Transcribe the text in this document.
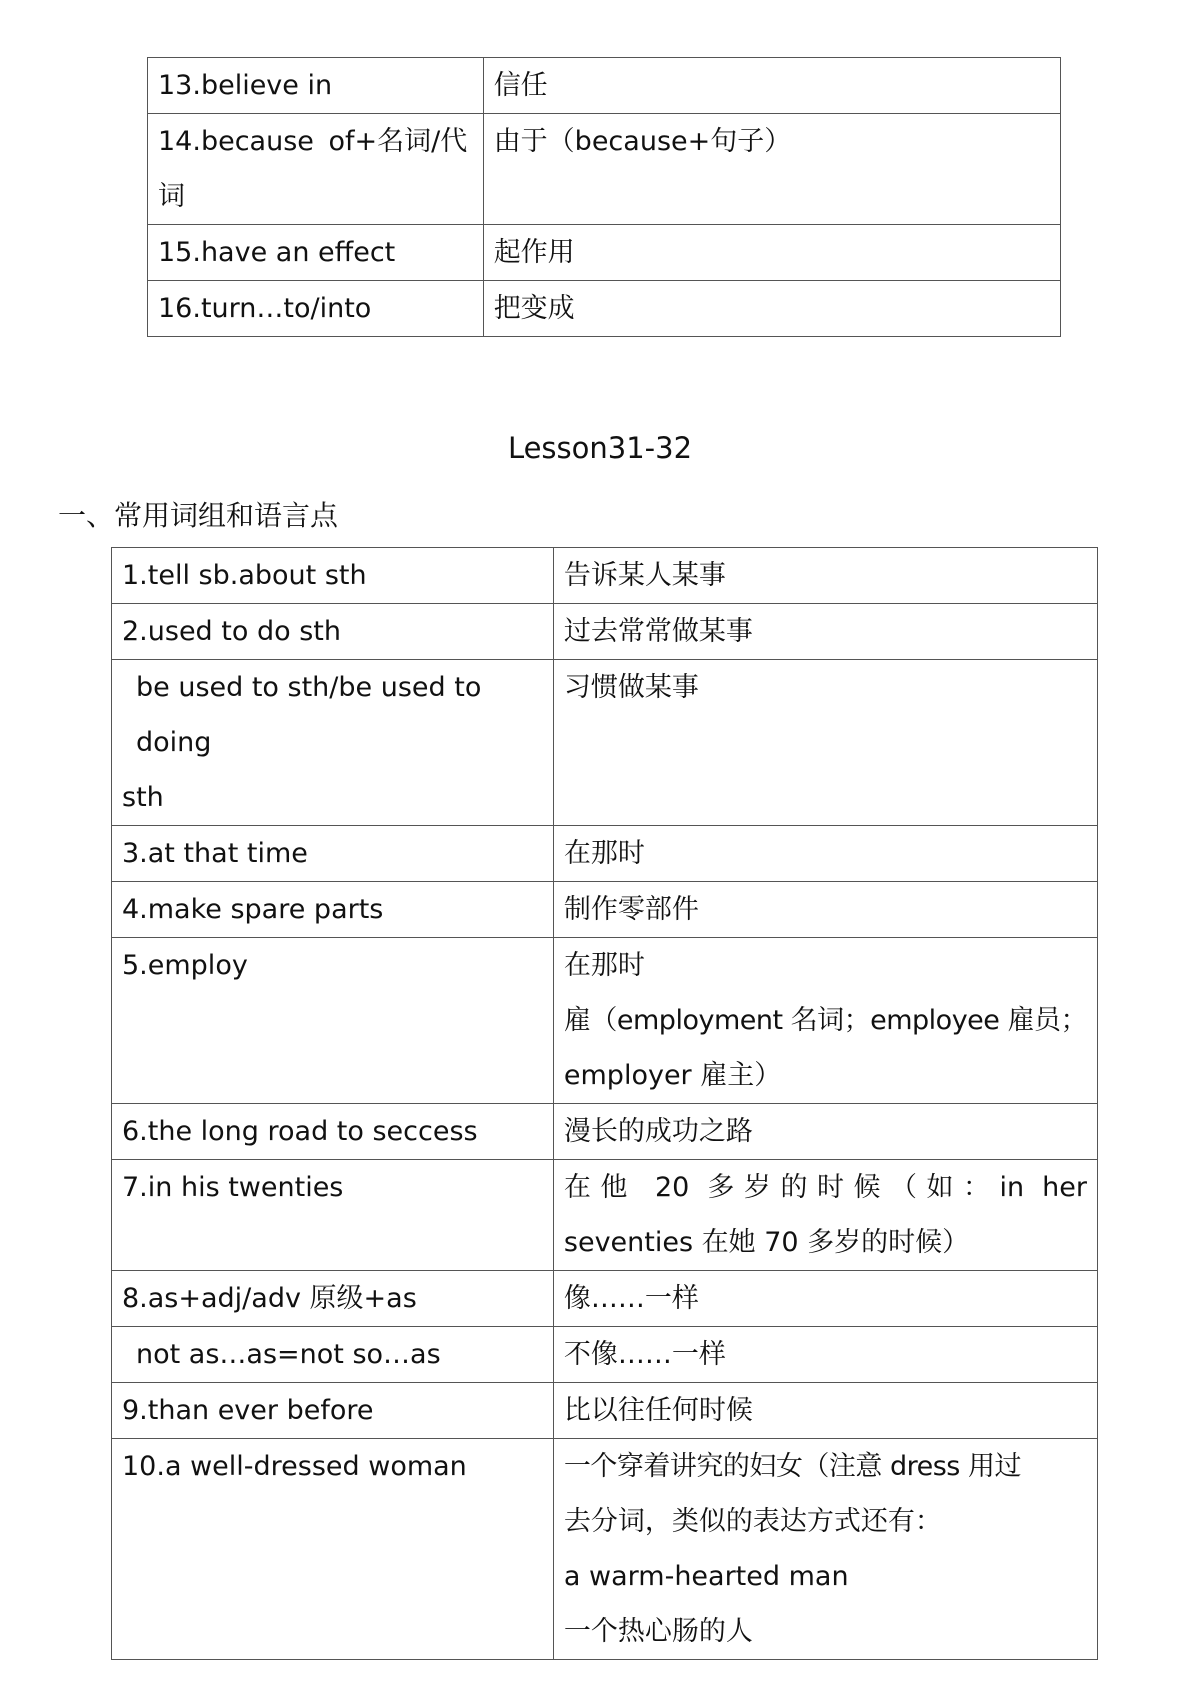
13.believe in	信任

14.because of+名词/代
词	由于（because+句子）

15.have an effect	起作用

16.turn…to/into	把变成
Lesson31-32
一、常用词组和语言点
1.tell sb.about sth	告诉某人某事

2.used to do sth	过去常常做某事

be used to sth/be used to doing
sth	习惯做某事

3.at that time	在那时

4.make spare parts	制作零部件

5.employ	在那时
雇（employment 名词；employee 雇员；
employer 雇主）

6.the long road to seccess	漫长的成功之路

7.in his twenties	在他 20 多岁的时候（如：in her
seventies 在她 70 多岁的时候）

8.as+adj/adv 原级+as	像……一样

not as…as=not so…as	不像……一样

9.than ever before	比以往任何时候

10.a well-dressed woman	一个穿着讲究的妇女（注意 dress 用过
去分词，类似的表达方式还有：
a warm-hearted man
一个热心肠的人
